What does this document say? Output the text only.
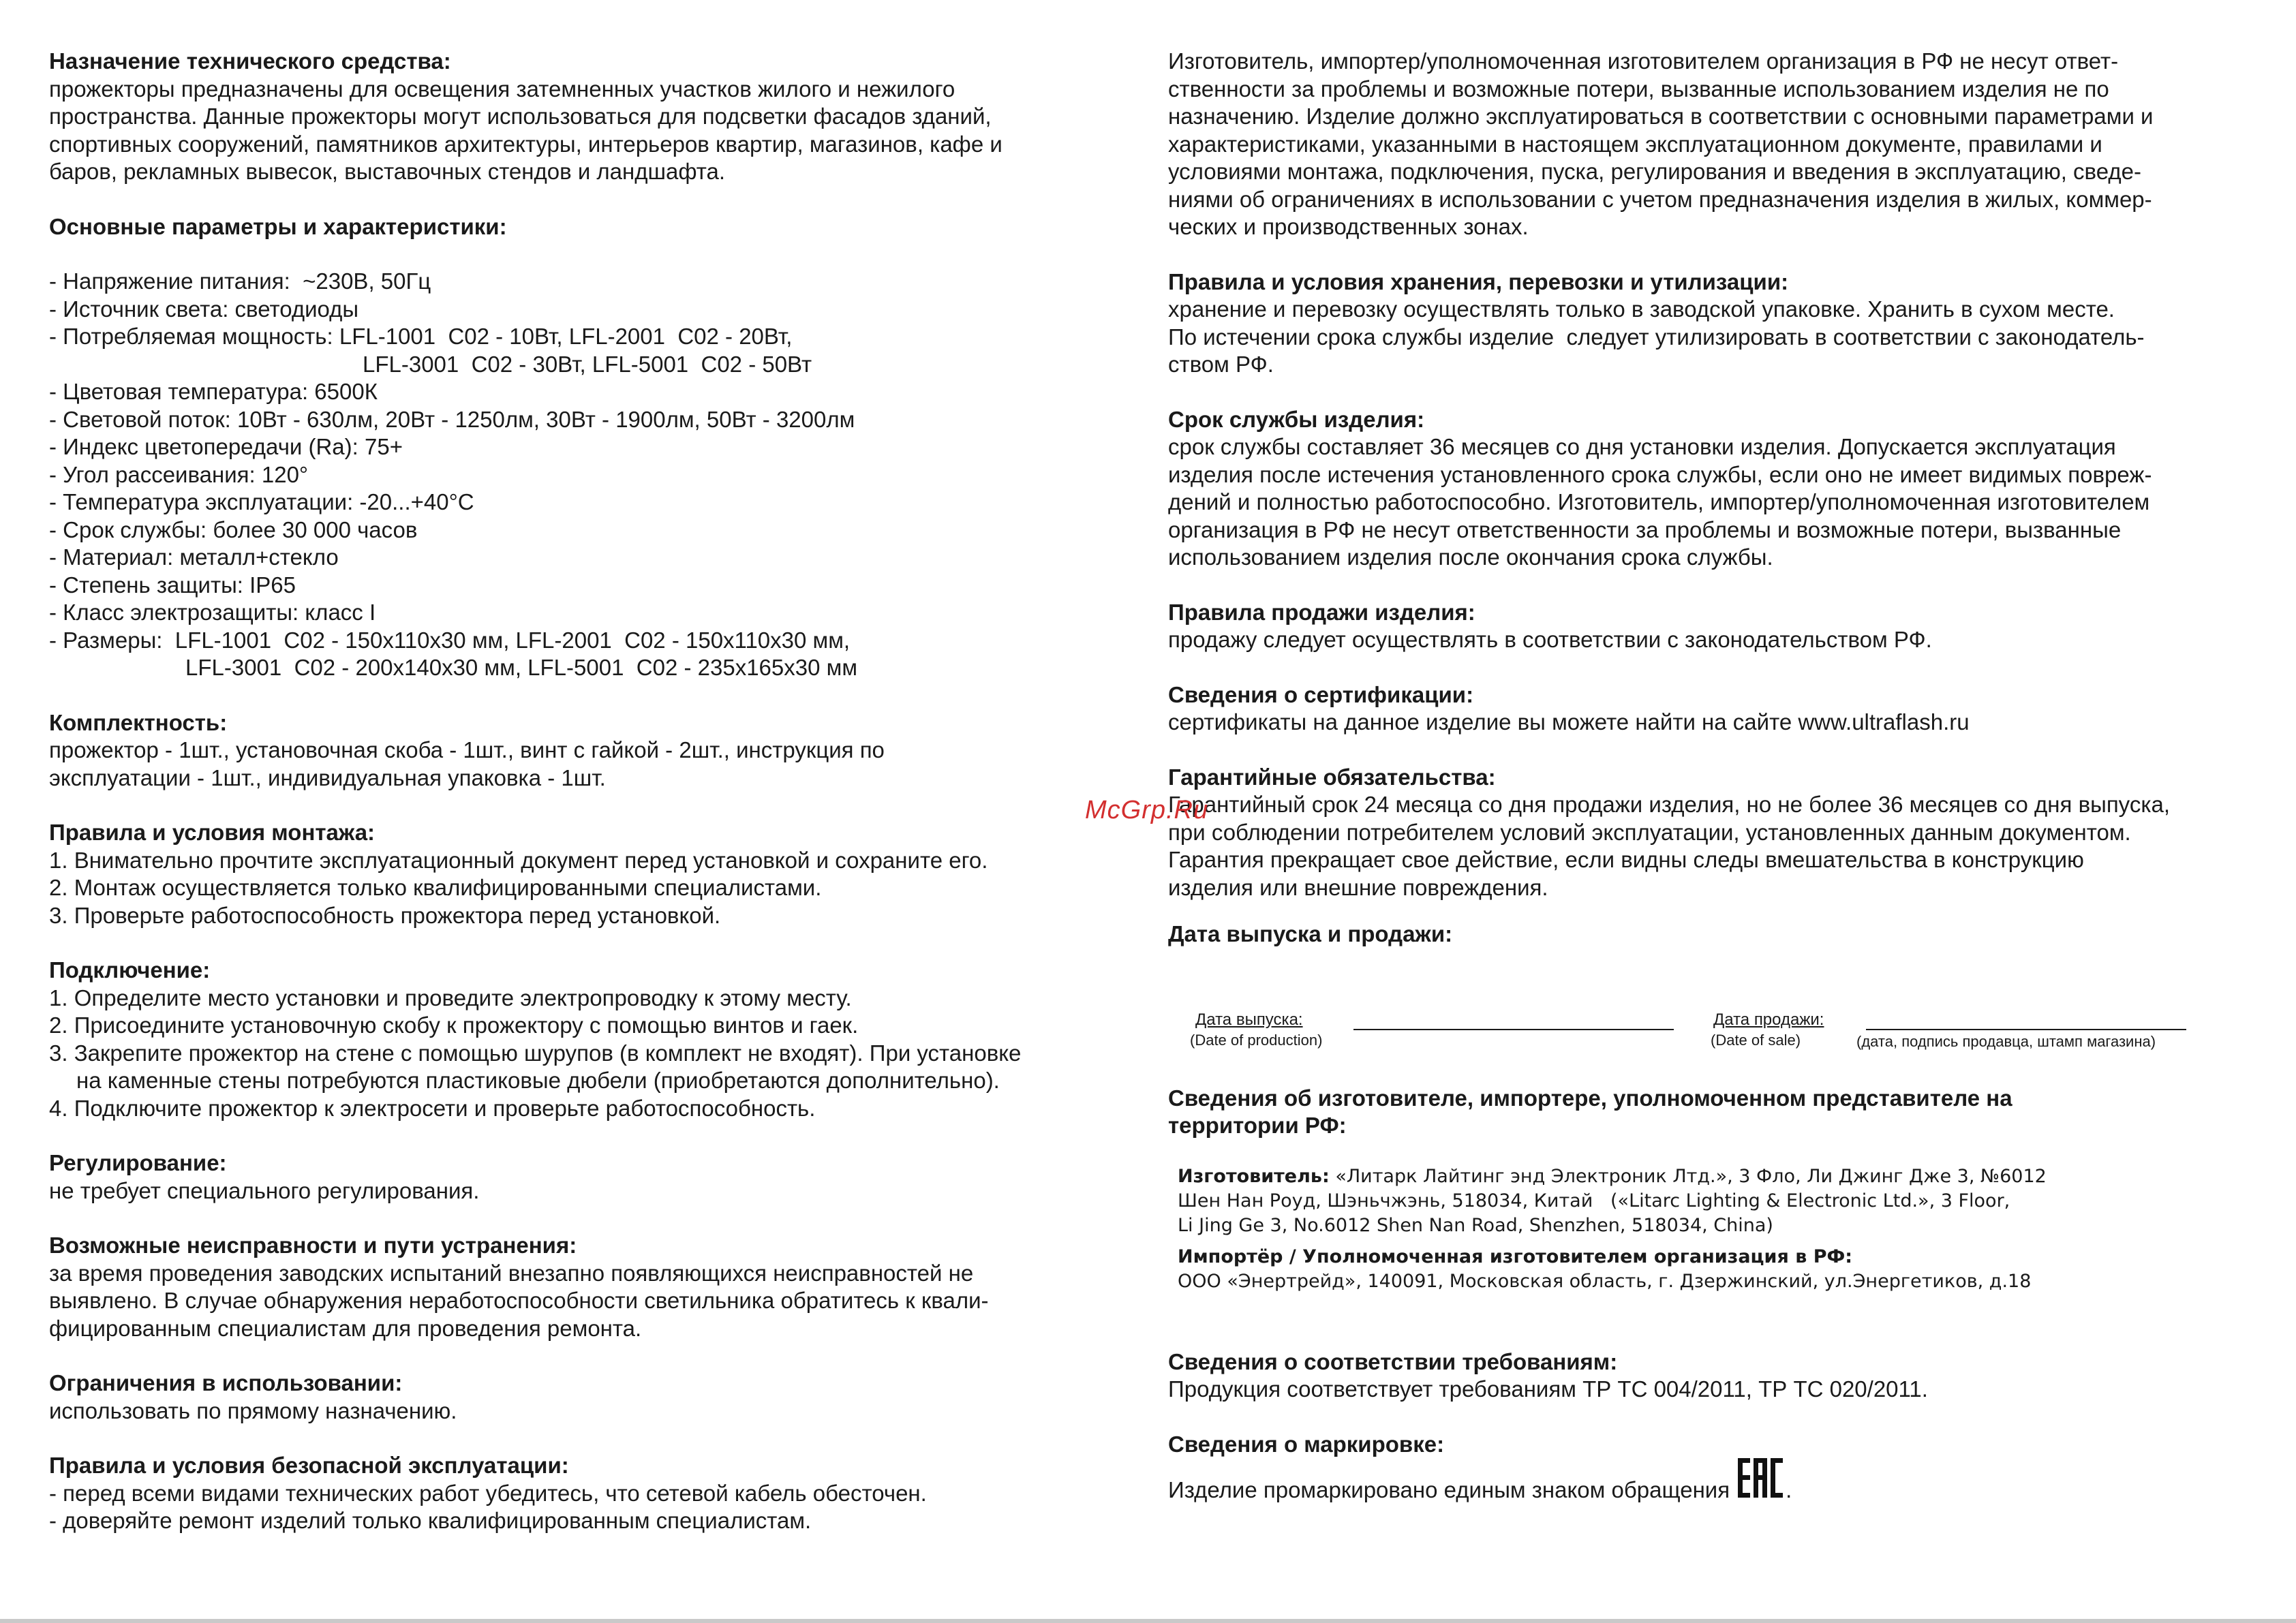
Назначение технического средства:
прожекторы предназначены для освещения затемненных участков жилого и нежилого
пространства. Данные прожекторы могут использоваться для подсветки фасадов зданий,
спортивных сооружений, памятников архитектуры, интерьеров квартир, магазинов, кафе и
баров, рекламных вывесок, выставочных стендов и ландшафта.
Основные параметры и характеристики:
- Напряжение питания:  ~230В, 50Гц
- Источник света: светодиоды
- Потребляемая мощность: LFL-1001  C02 - 10Вт, LFL-2001  C02 - 20Вт,
LFL-3001  C02 - 30Вт, LFL-5001  C02 - 50Вт
- Цветовая температура: 6500К
- Световой поток: 10Вт - 630лм, 20Вт - 1250лм, 30Вт - 1900лм, 50Вт - 3200лм
- Индекс цветопередачи (Ra): 75+
- Угол рассеивания: 120°
- Температура эксплуатации: -20...+40°C
- Срок службы: более 30 000 часов
- Материал: металл+стекло
- Степень защиты: IP65
- Класс электрозащиты: класс I
- Размеры:  LFL-1001  C02 - 150x110x30 мм, LFL-2001  C02 - 150x110x30 мм,
LFL-3001  C02 - 200x140x30 мм, LFL-5001  C02 - 235x165x30 мм
Комплектность:
прожектор - 1шт., установочная скоба - 1шт., винт с гайкой - 2шт., инструкция по
эксплуатации - 1шт., индивидуальная упаковка - 1шт.
Правила и условия монтажа:
1. Внимательно прочтите эксплуатационный документ перед установкой и сохраните его.
2. Монтаж осуществляется только квалифицированными специалистами.
3. Проверьте работоспособность прожектора перед установкой.
Подключение:
1. Определите место установки и проведите электропроводку к этому месту.
2. Присоедините установочную скобу к прожектору с помощью винтов и гаек.
3. Закрепите прожектор на стене с помощью шурупов (в комплект не входят). При установке
на каменные стены потребуются пластиковые дюбели (приобретаются дополнительно).
4. Подключите прожектор к электросети и проверьте работоспособность.
Регулирование:
не требует специального регулирования.
Возможные неисправности и пути устранения:
за время проведения заводских испытаний внезапно появляющихся неисправностей не
выявлено. В случае обнаружения неработоспособности светильника обратитесь к квали-
фицированным специалистам для проведения ремонта.
Ограничения в использовании:
использовать по прямому назначению.
Правила и условия безопасной эксплуатации:
- перед всеми видами технических работ убедитесь, что сетевой кабель обесточен.
- доверяйте ремонт изделий только квалифицированным специалистам.
Изготовитель, импортер/уполномоченная изготовителем организация в РФ не несут ответ-
ственности за проблемы и возможные потери, вызванные использованием изделия не по
назначению. Изделие должно эксплуатироваться в соответствии с основными параметрами и
характеристиками, указанными в настоящем эксплуатационном документе, правилами и
условиями монтажа, подключения, пуска, регулирования и введения в эксплуатацию, сведе-
ниями об ограничениях в использовании с учетом предназначения изделия в жилых, коммер-
ческих и производственных зонах.
Правила и условия хранения, перевозки и утилизации:
хранение и перевозку осуществлять только в заводской упаковке. Хранить в сухом месте.
По истечении срока службы изделие  следует утилизировать в соответствии с законодатель-
ством РФ.
Срок службы изделия:
срок службы составляет 36 месяцев со дня установки изделия. Допускается эксплуатация
изделия после истечения установленного срока службы, если оно не имеет видимых повреж-
дений и полностью работоспособно. Изготовитель, импортер/уполномоченная изготовителем
организация в РФ не несут ответственности за проблемы и возможные потери, вызванные
использованием изделия после окончания срока службы.
Правила продажи изделия:
продажу следует осуществлять в соответствии с законодательством РФ.
Сведения о сертификации:
сертификаты на данное изделие вы можете найти на сайте www.ultraflash.ru
Гарантийные обязательства:
Гарантийный срок 24 месяца со дня продажи изделия, но не более 36 месяцев со дня выпуска,
при соблюдении потребителем условий эксплуатации, установленных данным документом.
Гарантия прекращает свое действие, если видны следы вмешательства в конструкцию
изделия или внешние повреждения.
Дата выпуска и продажи:
Дата выпуска:
(Date of production)
Дата продажи:
(Date of sale)	(дата, подпись продавца, штамп магазина)
Сведения об изготовителе, импортере, уполномоченном представителе на
территории РФ:
Изготовитель: «Литарк Лайтинг энд Электроник Лтд.», 3 Фло, Ли Джинг Дже 3, №6012
Шен Нан Роуд, Шэньчжэнь, 518034, Китай   («Litarc Lighting & Electronic Ltd.», 3 Floor,
Li Jing Ge 3, No.6012 Shen Nan Road, Shenzhen, 518034, China)
Импортёр / Уполномоченная изготовителем организация в РФ:
ООО «Энертрейд», 140091, Московская область, г. Дзержинский, ул.Энергетиков, д.18
Сведения о соответствии требованиям:
Продукция соответствует требованиям ТР ТС 004/2011, ТР ТС 020/2011.
Сведения о маркировке:
Изделие промаркировано единым знаком обращения .
McGrp.Ru
